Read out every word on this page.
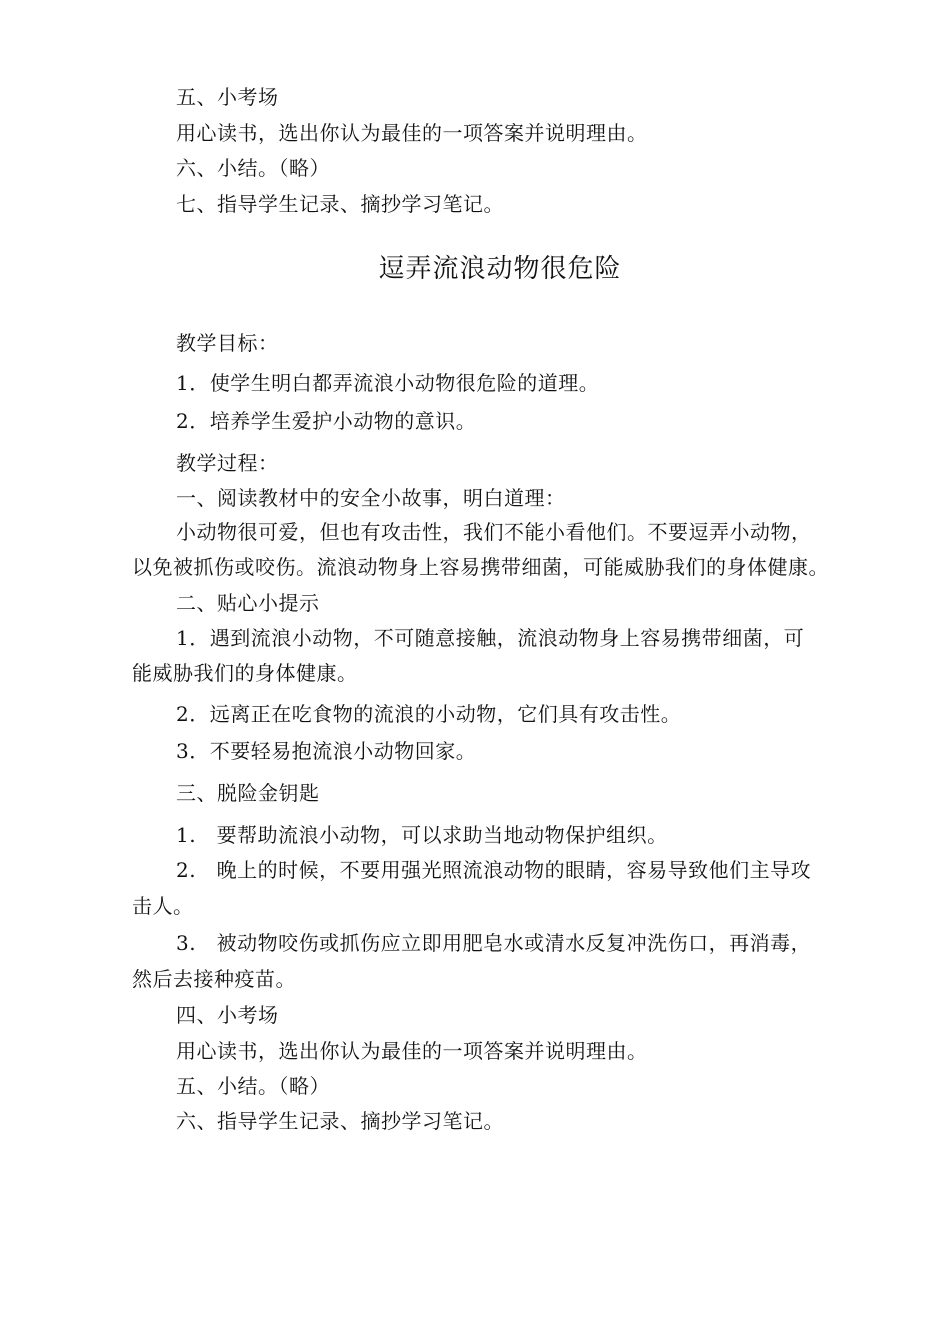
五、小考场
用心读书，选出你认为最佳的一项答案并说明理由。
六、小结。（略）
七、指导学生记录、摘抄学习笔记。
逗弄流浪动物很危险
教学目标：
1．使学生明白都弄流浪小动物很危险的道理。
2．培养学生爱护小动物的意识。
教学过程：
一、阅读教材中的安全小故事，明白道理：
小动物很可爱，但也有攻击性，我们不能小看他们。不要逗弄小动物，
以免被抓伤或咬伤。流浪动物身上容易携带细菌，可能威胁我们的身体健康。
二、贴心小提示
1．遇到流浪小动物，不可随意接触，流浪动物身上容易携带细菌，可
能威胁我们的身体健康。
2．远离正在吃食物的流浪的小动物，它们具有攻击性。
3．不要轻易抱流浪小动物回家。
三、脱险金钥匙
1.　要帮助流浪小动物，可以求助当地动物保护组织。
2.　晚上的时候，不要用强光照流浪动物的眼睛，容易导致他们主导攻
击人。
3.　被动物咬伤或抓伤应立即用肥皂水或清水反复冲洗伤口，再消毒，
然后去接种疫苗。
四、小考场
用心读书，选出你认为最佳的一项答案并说明理由。
五、小结。（略）
六、指导学生记录、摘抄学习笔记。
